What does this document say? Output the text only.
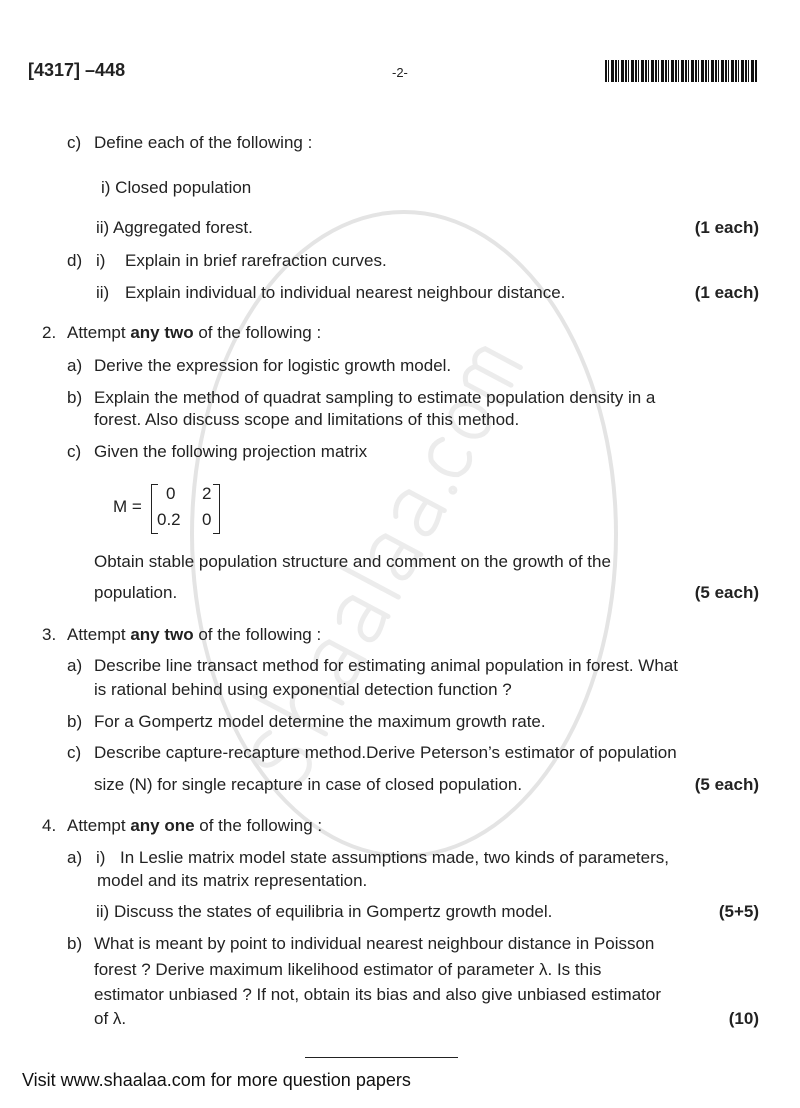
[4317] –448	-2-
c) Define each of the following :
i) Closed population
ii) Aggregated forest.	(1 each)
d) i) Explain in brief rarefraction curves.
ii) Explain individual to individual nearest neighbour distance.	(1 each)
2. Attempt any two of the following :
a) Derive the expression for logistic growth model.
b) Explain the method of quadrat sampling to estimate population density in a
forest. Also discuss scope and limitations of this method.
c) Given the following projection matrix
M =
0 2
0.2 0
Obtain stable population structure and comment on the growth of the
population.	(5 each)
3. Attempt any two of the following :
a) Describe line transact method for estimating animal population in forest. What
is rational behind using exponential detection function ?
b) For a Gompertz model determine the maximum growth rate.
c) Describe capture-recapture method.Derive Peterson’s estimator of population
size (N) for single recapture in case of closed population.	(5 each)
4. Attempt any one of the following :
a) i) In Leslie matrix model state assumptions made, two kinds of parameters,
model and its matrix representation.
ii) Discuss the states of equilibria in Gompertz growth model.	(5+5)
b) What is meant by point to individual nearest neighbour distance in Poisson
forest ? Derive maximum likelihood estimator of parameter λ. Is this
estimator unbiased ? If not, obtain its bias and also give unbiased estimator
of λ.	(10)
Visit www.shaalaa.com for more question papers
